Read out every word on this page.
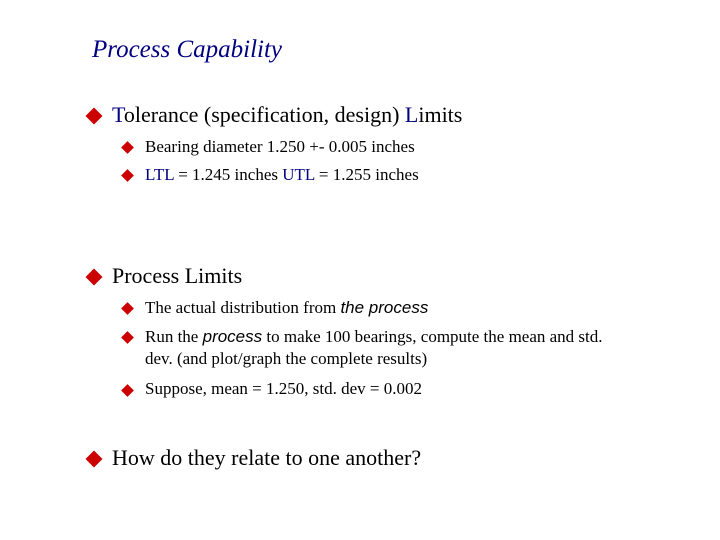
Process Capability
Tolerance (specification, design) Limits
Bearing diameter 1.250 +- 0.005 inches
LTL = 1.245 inches UTL = 1.255 inches
Process Limits
The actual distribution from the process
Run the process to make 100 bearings, compute the mean and std.
dev. (and plot/graph the complete results)
Suppose, mean = 1.250, std. dev = 0.002
How do they relate to one another?
